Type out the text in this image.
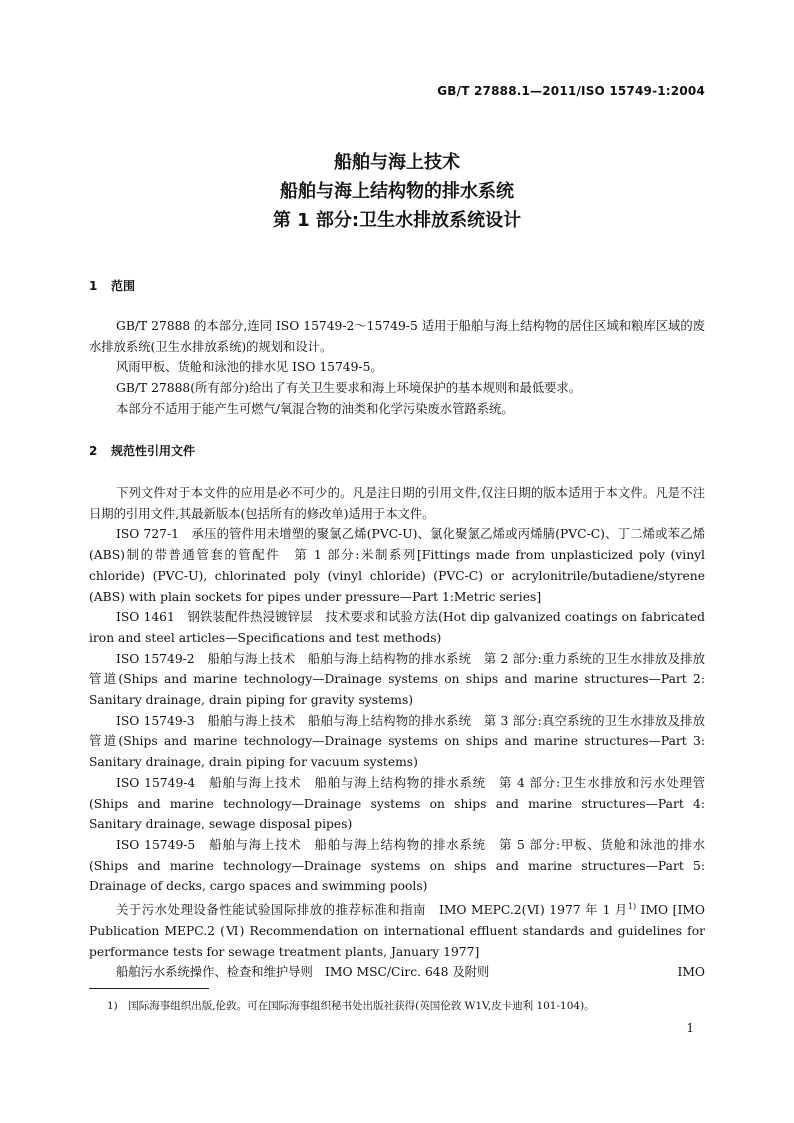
GB/T 27888.1—2011/ISO 15749-1:2004
船舶与海上技术
船舶与海上结构物的排水系统
第 1 部分:卫生水排放系统设计
1 范围

GB/T 27888 的本部分,连同 ISO 15749-2～15749-5 适用于船舶与海上结构物的居住区域和粮库区域的废水排放系统(卫生水排放系统)的规划和设计。

风雨甲板、货舱和泳池的排水见 ISO 15749-5。

GB/T 27888(所有部分)给出了有关卫生要求和海上环境保护的基本规则和最低要求。

本部分不适用于能产生可燃气/氧混合物的油类和化学污染废水管路系统。

2 规范性引用文件

下列文件对于本文件的应用是必不可少的。凡是注日期的引用文件,仅注日期的版本适用于本文件。凡是不注日期的引用文件,其最新版本(包括所有的修改单)适用于本文件。

ISO 727-1　承压的管件用未增塑的聚氯乙烯(PVC-U)、氯化聚氯乙烯或丙烯腈(PVC-C)、丁二烯或苯乙烯(ABS)制的带普通管套的管配件　第 1 部分:米制系列[Fittings made from unplasticized poly (vinyl chloride) (PVC-U), chlorinated poly (vinyl chloride) (PVC-C) or acrylonitrile/butadiene/styrene (ABS) with plain sockets for pipes under pressure—Part 1:Metric series]

ISO 1461　钢铁装配件热浸镀锌层　技术要求和试验方法(Hot dip galvanized coatings on fabricated iron and steel articles—Specifications and test methods)

ISO 15749-2　船舶与海上技术　船舶与海上结构物的排水系统　第 2 部分:重力系统的卫生水排放及排放管道(Ships and marine technology—Drainage systems on ships and marine structures—Part 2: Sanitary drainage, drain piping for gravity systems)

ISO 15749-3　船舶与海上技术　船舶与海上结构物的排水系统　第 3 部分:真空系统的卫生水排放及排放管道(Ships and marine technology—Drainage systems on ships and marine structures—Part 3: Sanitary drainage, drain piping for vacuum systems)

ISO 15749-4　船舶与海上技术　船舶与海上结构物的排水系统　第 4 部分:卫生水排放和污水处理管(Ships and marine technology—Drainage systems on ships and marine structures—Part 4: Sanitary drainage, sewage disposal pipes)

ISO 15749-5　船舶与海上技术　船舶与海上结构物的排水系统　第 5 部分:甲板、货舱和泳池的排水(Ships and marine technology—Drainage systems on ships and marine structures—Part 5: Drainage of decks, cargo spaces and swimming pools)

关于污水处理设备性能试验国际排放的推荐标准和指南　IMO MEPC.2(Ⅵ) 1977 年 1 月$^{1)}$ IMO [IMO Publication MEPC.2 (Ⅵ) Recommendation on international effluent standards and guidelines for performance tests for sewage treatment plants, January 1977]

船舶污水系统操作、检查和维护导则　IMO MSC/Circ. 648 及附则	IMO

1)　 国际海事组织出版,伦敦。可在国际海事组织秘书处出版社获得(英国伦敦 W1V,皮卡迪利 101-104)。
1
